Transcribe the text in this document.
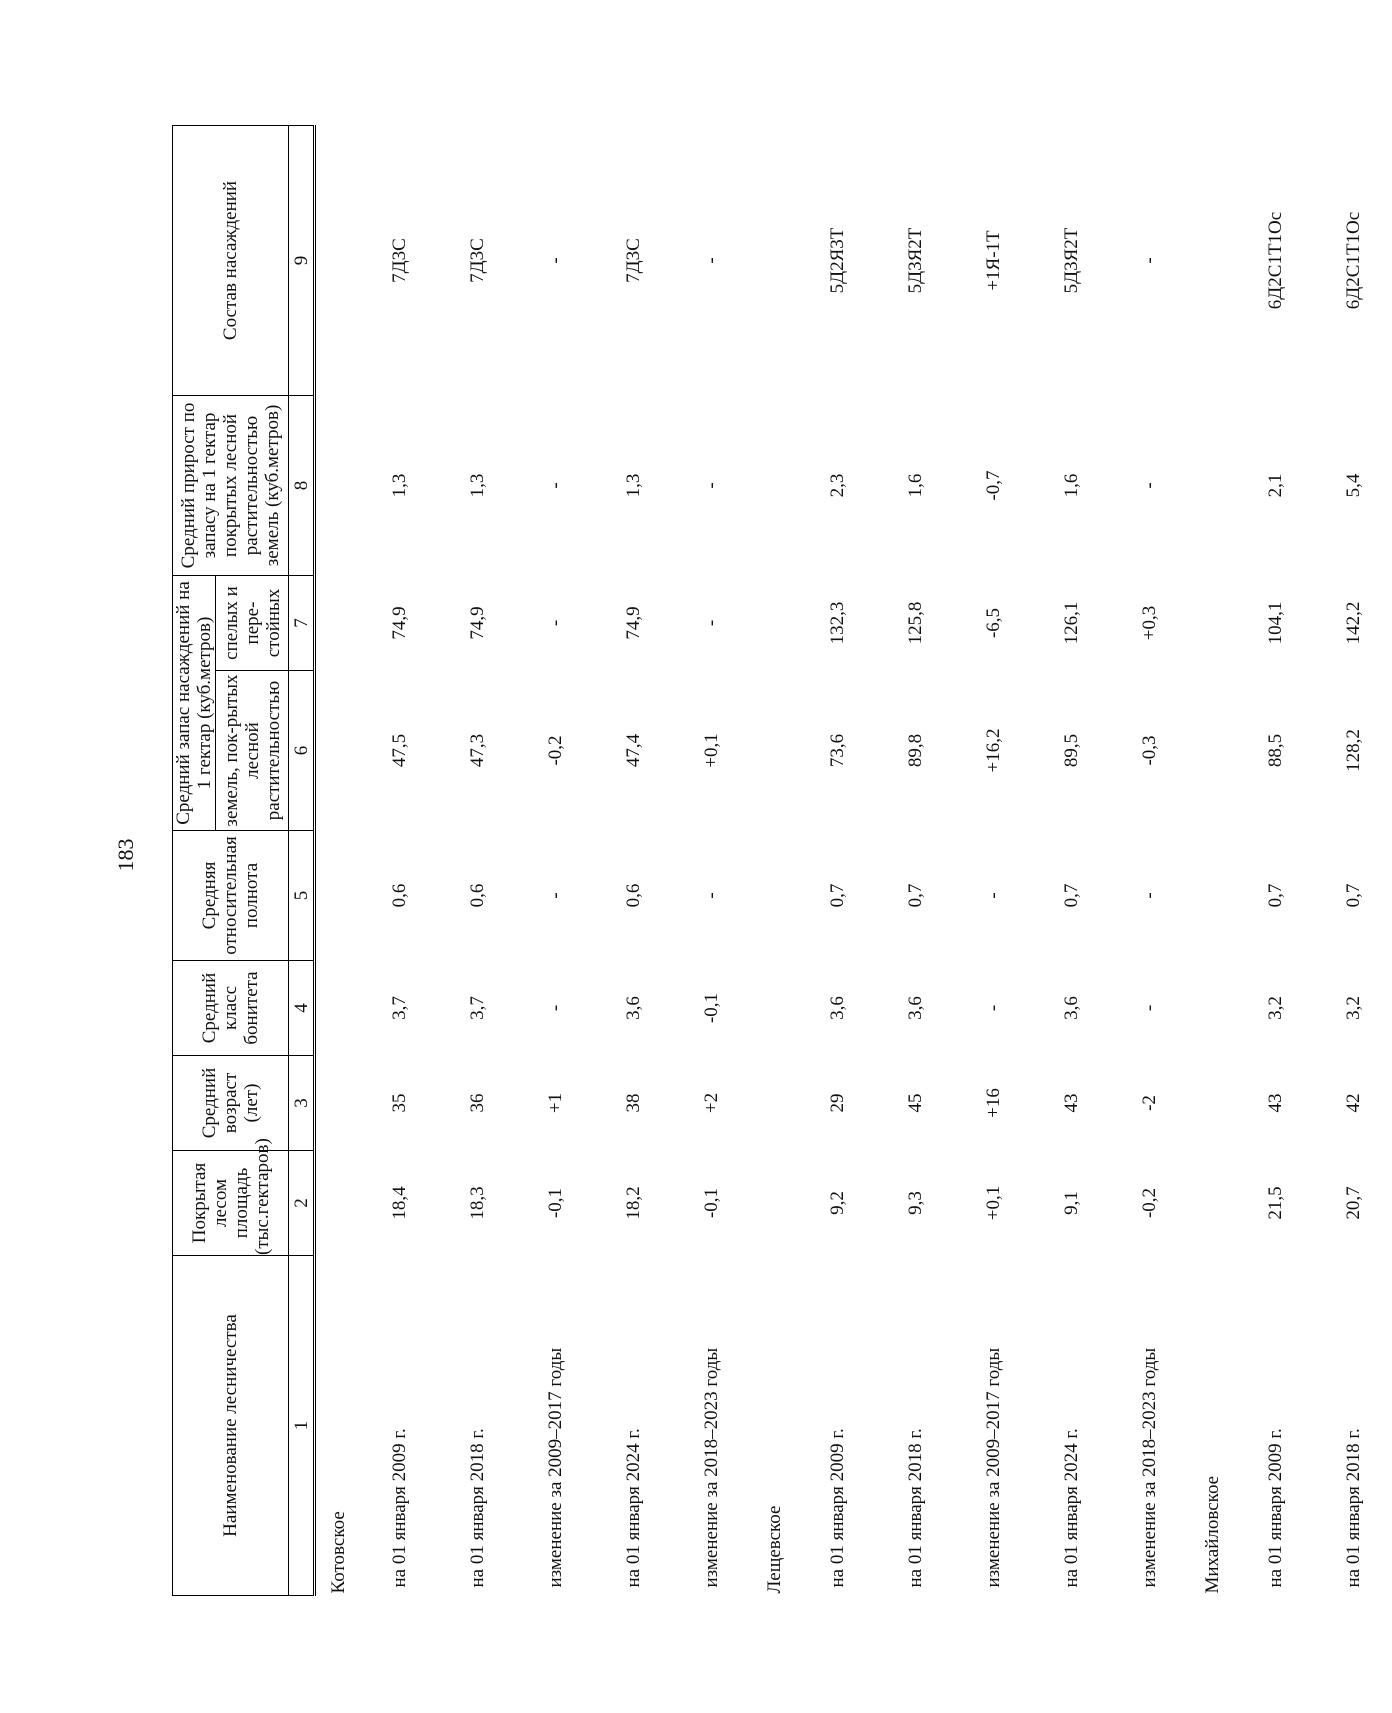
183
Наименование лесничества	Покрытая лесом площадь (тыс.гектаров)	Средний возраст (лет)	Средний класс бонитета	Средняя относительная полнота	Средний запас насаждений на 1 гектар (куб.метров)		Средний прирост по запасу на 1 гектар покрытых лесной растительностью земель (куб.метров)	Состав насаждений
					земель, пок-рытых лесной растительностью	спелых и пере-стойных		
1	2	3	4	5	6	7	8	9
Котовское								
на 01 января 2009 г.	18,4	35	3,7	0,6	47,5	74,9	1,3	7Д3С
на 01 января 2018 г.	18,3	36	3,7	0,6	47,3	74,9	1,3	7Д3С
изменение за 2009–2017 годы	-0,1	+1	-	-	-0,2	-	-	-
на 01 января 2024 г.	18,2	38	3,6	0,6	47,4	74,9	1,3	7Д3С
изменение за 2018–2023 годы	-0,1	+2	-0,1	-	+0,1	-	-	-
Лещевское								
на 01 января 2009 г.	9,2	29	3,6	0,7	73,6	132,3	2,3	5Д2Я3Т
на 01 января 2018 г.	9,3	45	3,6	0,7	89,8	125,8	1,6	5Д3Я2Т
изменение за 2009–2017 годы	+0,1	+16	-	-	+16,2	-6,5	-0,7	+1Я-1Т
на 01 января 2024 г.	9,1	43	3,6	0,7	89,5	126,1	1,6	5Д3Я2Т
изменение за 2018–2023 годы	-0,2	-2	-	-	-0,3	+0,3	-	-
Михайловское								
на 01 января 2009 г.	21,5	43	3,2	0,7	88,5	104,1	2,1	6Д2С1Т1Ос
на 01 января 2018 г.	20,7	42	3,2	0,7	128,2	142,2	5,4	6Д2С1Т1Ос
